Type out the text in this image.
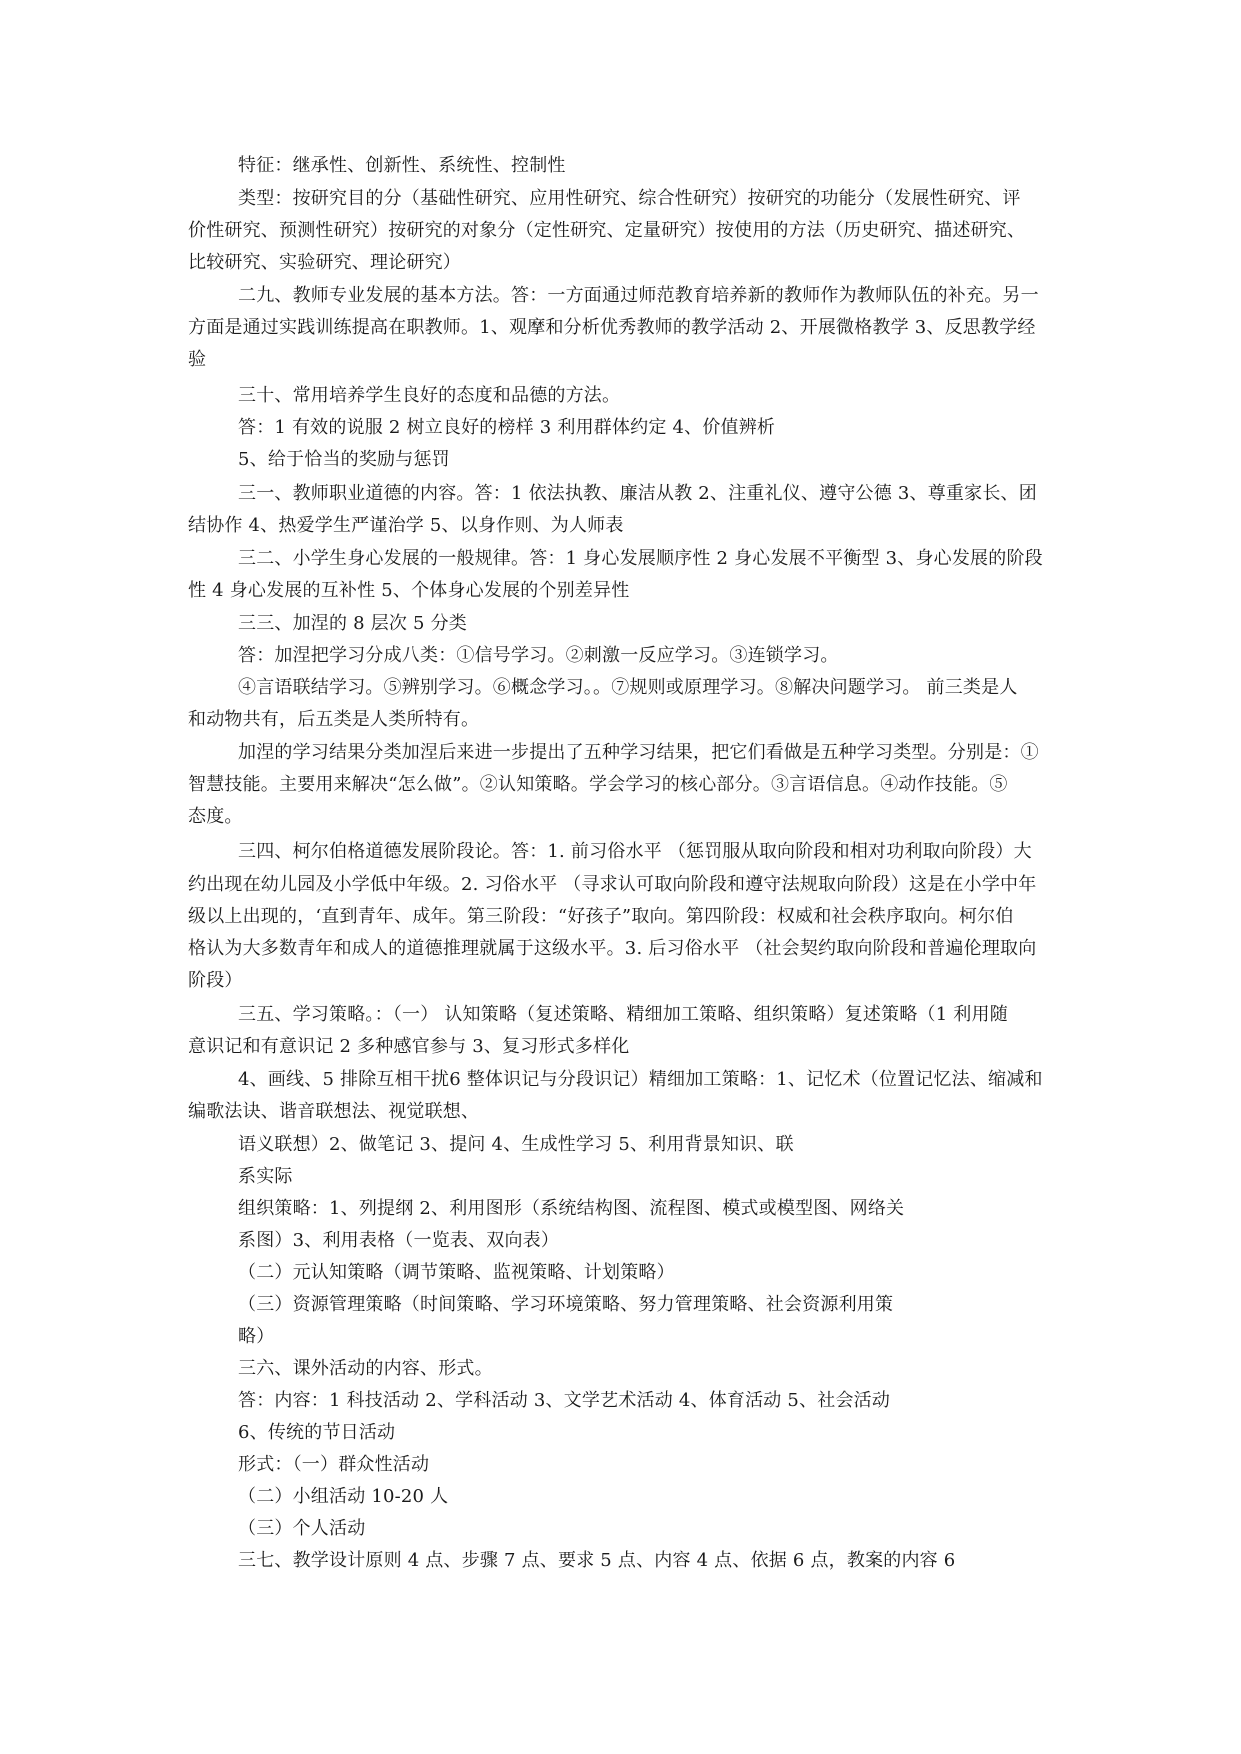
特征：继承性、创新性、系统性、控制性
类型：按研究目的分（基础性研究、应用性研究、综合性研究）按研究的功能分（发展性研究、评
价性研究、预测性研究）按研究的对象分（定性研究、定量研究）按使用的方法（历史研究、描述研究、
比较研究、实验研究、理论研究）
二九、教师专业发展的基本方法。答：一方面通过师范教育培养新的教师作为教师队伍的补充。另一
方面是通过实践训练提高在职教师。1、观摩和分析优秀教师的教学活动 2、开展微格教学 3、反思教学经
验
三十、常用培养学生良好的态度和品德的方法。
答：1 有效的说服 2 树立良好的榜样 3 利用群体约定 4、价值辨析
5、给于恰当的奖励与惩罚
三一、教师职业道德的内容。答：1 依法执教、廉洁从教 2、注重礼仪、遵守公德 3、尊重家长、团
结协作 4、热爱学生严谨治学 5、以身作则、为人师表
三二、小学生身心发展的一般规律。答：1 身心发展顺序性 2 身心发展不平衡型 3、身心发展的阶段
性 4 身心发展的互补性 5、个体身心发展的个别差异性
三三、加涅的 8 层次 5 分类
答：加涅把学习分成八类：①信号学习。②刺激一反应学习。③连锁学习。
④言语联结学习。⑤辨别学习。⑥概念学习。。⑦规则或原理学习。⑧解决问题学习。 前三类是人
和动物共有，后五类是人类所特有。
加涅的学习结果分类加涅后来进一步提出了五种学习结果，把它们看做是五种学习类型。分别是：①
智慧技能。主要用来解决“怎么做”。②认知策略。学会学习的核心部分。③言语信息。④动作技能。⑤
态度。
三四、柯尔伯格道德发展阶段论。答：1. 前习俗水平 （惩罚服从取向阶段和相对功利取向阶段）大
约出现在幼儿园及小学低中年级。2. 习俗水平 （寻求认可取向阶段和遵守法规取向阶段）这是在小学中年
级以上出现的，‘直到青年、成年。第三阶段：“好孩子”取向。第四阶段：权威和社会秩序取向。柯尔伯
格认为大多数青年和成人的道德推理就属于这级水平。3. 后习俗水平 （社会契约取向阶段和普遍伦理取向
阶段）
三五、学习策略。：（一） 认知策略（复述策略、精细加工策略、组织策略）复述策略（1 利用随
意识记和有意识记 2 多种感官参与 3、复习形式多样化
4、画线、5 排除互相干扰6 整体识记与分段识记）精细加工策略：1、记忆术（位置记忆法、缩减和
编歌法诀、谐音联想法、视觉联想、
语义联想）2、做笔记 3、提问 4、生成性学习 5、利用背景知识、联
系实际
组织策略：1、列提纲 2、利用图形（系统结构图、流程图、模式或模型图、网络关
系图）3、利用表格（一览表、双向表）
（二）元认知策略（调节策略、监视策略、计划策略）
（三）资源管理策略（时间策略、学习环境策略、努力管理策略、社会资源利用策
略）
三六、课外活动的内容、形式。
答：内容：1 科技活动 2、学科活动 3、文学艺术活动 4、体育活动 5、社会活动
6、传统的节日活动
形式：（一）群众性活动
（二）小组活动 10-20 人
（三）个人活动
三七、教学设计原则 4 点、步骤 7 点、要求 5 点、内容 4 点、依据 6 点，教案的内容 6
